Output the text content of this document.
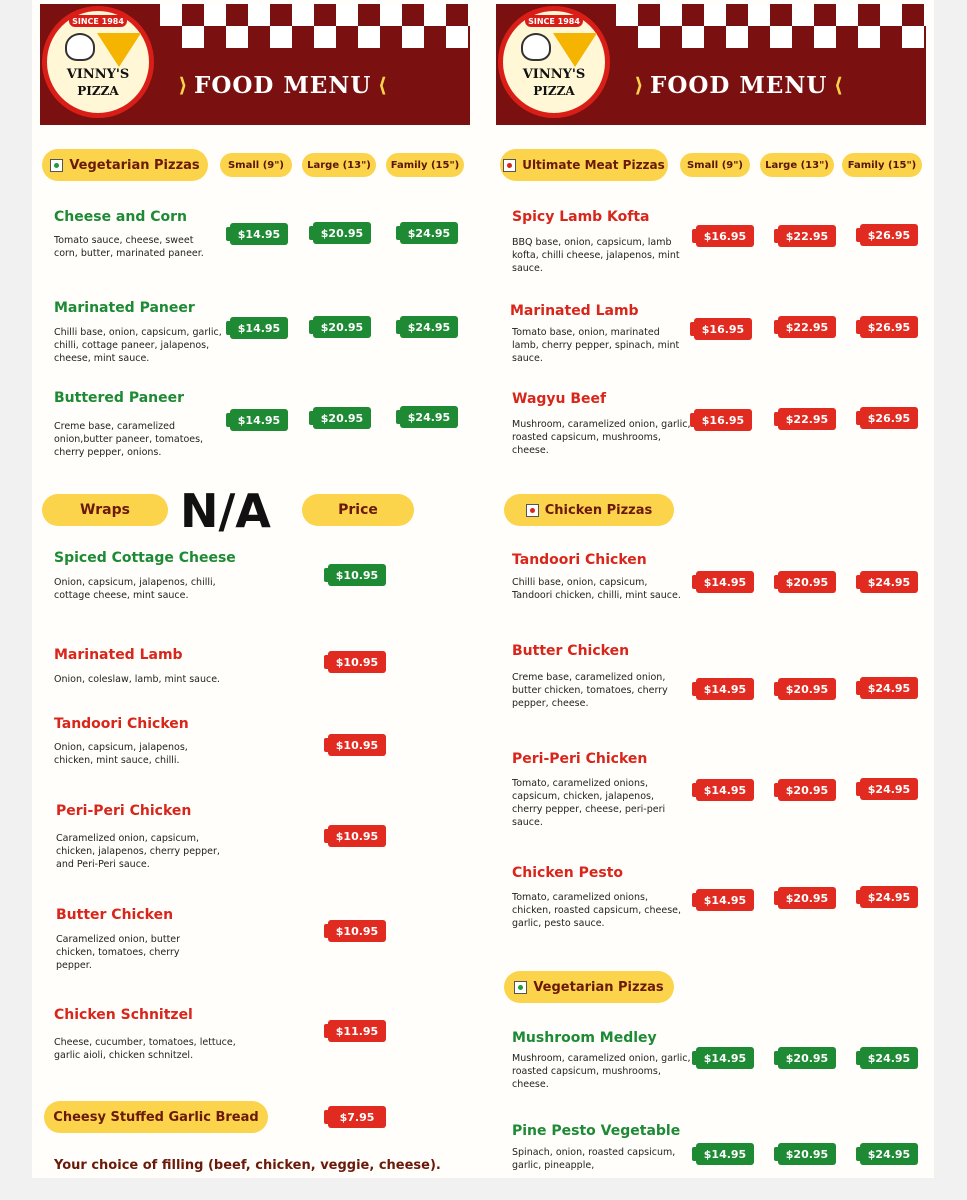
SINCE 1984
VINNY'S
PIZZA	⟩ FOOD MENU ⟨
Vegetarian Pizzas	Small (9")	Large (13")	Family (15")
Cheese and Corn
Tomato sauce, cheese, sweet corn, butter, marinated paneer.
$14.95	$20.95	$24.95
Marinated Paneer
Chilli base, onion, capsicum, garlic, chilli, cottage paneer, jalapenos, cheese, mint sauce.
$14.95	$20.95	$24.95
Buttered Paneer
Creme base, caramelized onion,butter paneer, tomatoes, cherry pepper, onions.
$14.95	$20.95	$24.95
Wraps	N/A	Price
Spiced Cottage Cheese
Onion, capsicum, jalapenos, chilli, cottage cheese, mint sauce.
$10.95
Marinated Lamb
Onion, coleslaw, lamb, mint sauce.
$10.95
Tandoori Chicken
Onion, capsicum, jalapenos, chicken, mint sauce, chilli.
$10.95
Peri-Peri Chicken
Caramelized onion, capsicum, chicken, jalapenos, cherry pepper, and Peri-Peri sauce.
$10.95
Butter Chicken
Caramelized onion, butter chicken, tomatoes, cherry pepper.
$10.95
Chicken Schnitzel
Cheese, cucumber, tomatoes, lettuce, garlic aioli, chicken schnitzel.
$11.95
Cheesy Stuffed Garlic Bread	$7.95
Your choice of filling (beef, chicken, veggie, cheese).
SINCE 1984
VINNY'S
PIZZA	⟩ FOOD MENU ⟨
Ultimate Meat Pizzas	Small (9")	Large (13")	Family (15")
Spicy Lamb Kofta
BBQ base, onion, capsicum, lamb kofta, chilli cheese, jalapenos, mint sauce.
$16.95	$22.95	$26.95
Marinated Lamb
Tomato base, onion, marinated lamb, cherry pepper, spinach, mint sauce.
$16.95	$22.95	$26.95
Wagyu Beef
Mushroom, caramelized onion, garlic, roasted capsicum, mushrooms, cheese.
$16.95	$22.95	$26.95
Chicken Pizzas
Tandoori Chicken
Chilli base, onion, capsicum, Tandoori chicken, chilli, mint sauce.
$14.95	$20.95	$24.95
Butter Chicken
Creme base, caramelized onion, butter chicken, tomatoes, cherry pepper, cheese.
$14.95	$20.95	$24.95
Peri-Peri Chicken
Tomato, caramelized onions, capsicum, chicken, jalapenos, cherry pepper, cheese, peri-peri sauce.
$14.95	$20.95	$24.95
Chicken Pesto
Tomato, caramelized onions, chicken, roasted capsicum, cheese, garlic, pesto sauce.
$14.95	$20.95	$24.95
Vegetarian Pizzas
Mushroom Medley
Mushroom, caramelized onion, garlic, roasted capsicum, mushrooms, cheese.
$14.95	$20.95	$24.95
Pine Pesto Vegetable
Spinach, onion, roasted capsicum, garlic, pineapple,
$14.95	$20.95	$24.95
